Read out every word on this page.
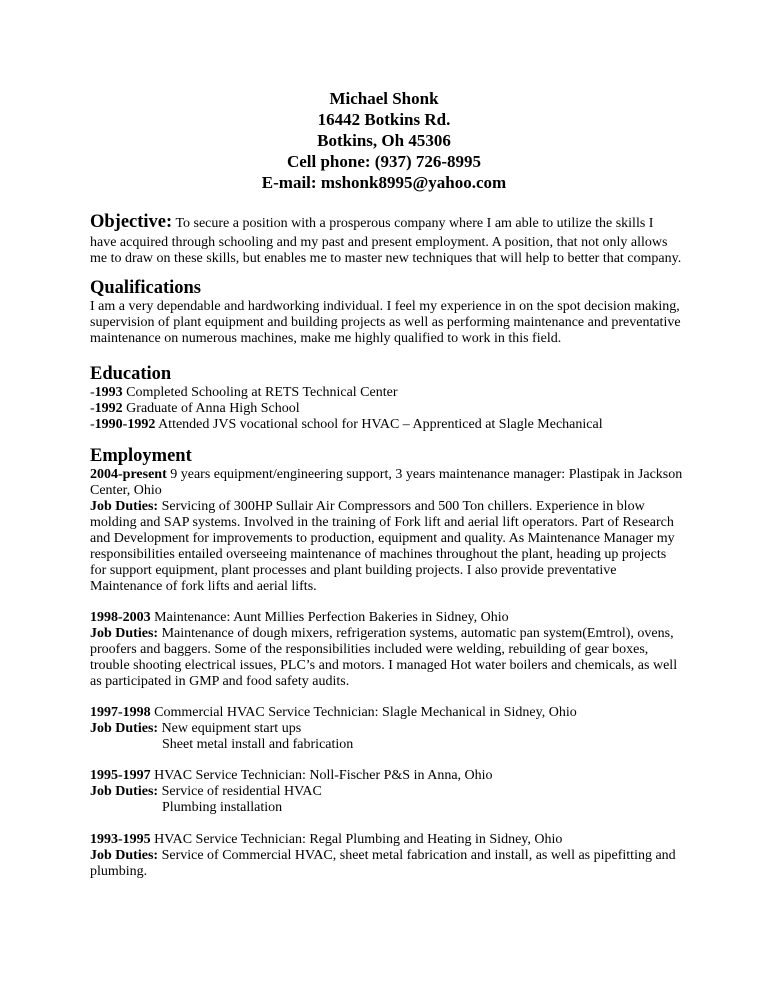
Michael Shonk
16442 Botkins Rd.
Botkins, Oh 45306
Cell phone: (937) 726-8995
E-mail: mshonk8995@yahoo.com
Objective: To secure a position with a prosperous company where I am able to utilize the skills I
have acquired through schooling and my past and present employment. A position, that not only allows
me to draw on these skills, but enables me to master new techniques that will help to better that company.
Qualifications
I am a very dependable and hardworking individual. I feel my experience in on the spot decision making,
supervision of plant equipment and building projects as well as performing maintenance and preventative
maintenance on numerous machines, make me highly qualified to work in this field.
Education
-1993 Completed Schooling at RETS Technical Center
-1992 Graduate of Anna High School
-1990-1992 Attended JVS vocational school for HVAC – Apprenticed at Slagle Mechanical
Employment
2004-present 9 years equipment/engineering support, 3 years maintenance manager: Plastipak in Jackson
Center, Ohio
Job Duties: Servicing of 300HP Sullair Air Compressors and 500 Ton chillers. Experience in blow
molding and SAP systems. Involved in the training of Fork lift and aerial lift operators. Part of Research
and Development for improvements to production, equipment and quality. As Maintenance Manager my
responsibilities entailed overseeing maintenance of machines throughout the plant, heading up projects
for support equipment, plant processes and plant building projects. I also provide preventative
Maintenance of fork lifts and aerial lifts.
1998-2003 Maintenance: Aunt Millies Perfection Bakeries in Sidney, Ohio
Job Duties: Maintenance of dough mixers, refrigeration systems, automatic pan system(Emtrol), ovens,
proofers and baggers. Some of the responsibilities included were welding, rebuilding of gear boxes,
trouble shooting electrical issues, PLC’s and motors. I managed Hot water boilers and chemicals, as well
as participated in GMP and food safety audits.
1997-1998 Commercial HVAC Service Technician: Slagle Mechanical in Sidney, Ohio
Job Duties: New equipment start ups
Sheet metal install and fabrication
1995-1997 HVAC Service Technician: Noll-Fischer P&S in Anna, Ohio
Job Duties: Service of residential HVAC
Plumbing installation
1993-1995 HVAC Service Technician: Regal Plumbing and Heating in Sidney, Ohio
Job Duties: Service of Commercial HVAC, sheet metal fabrication and install, as well as pipefitting and
plumbing.
